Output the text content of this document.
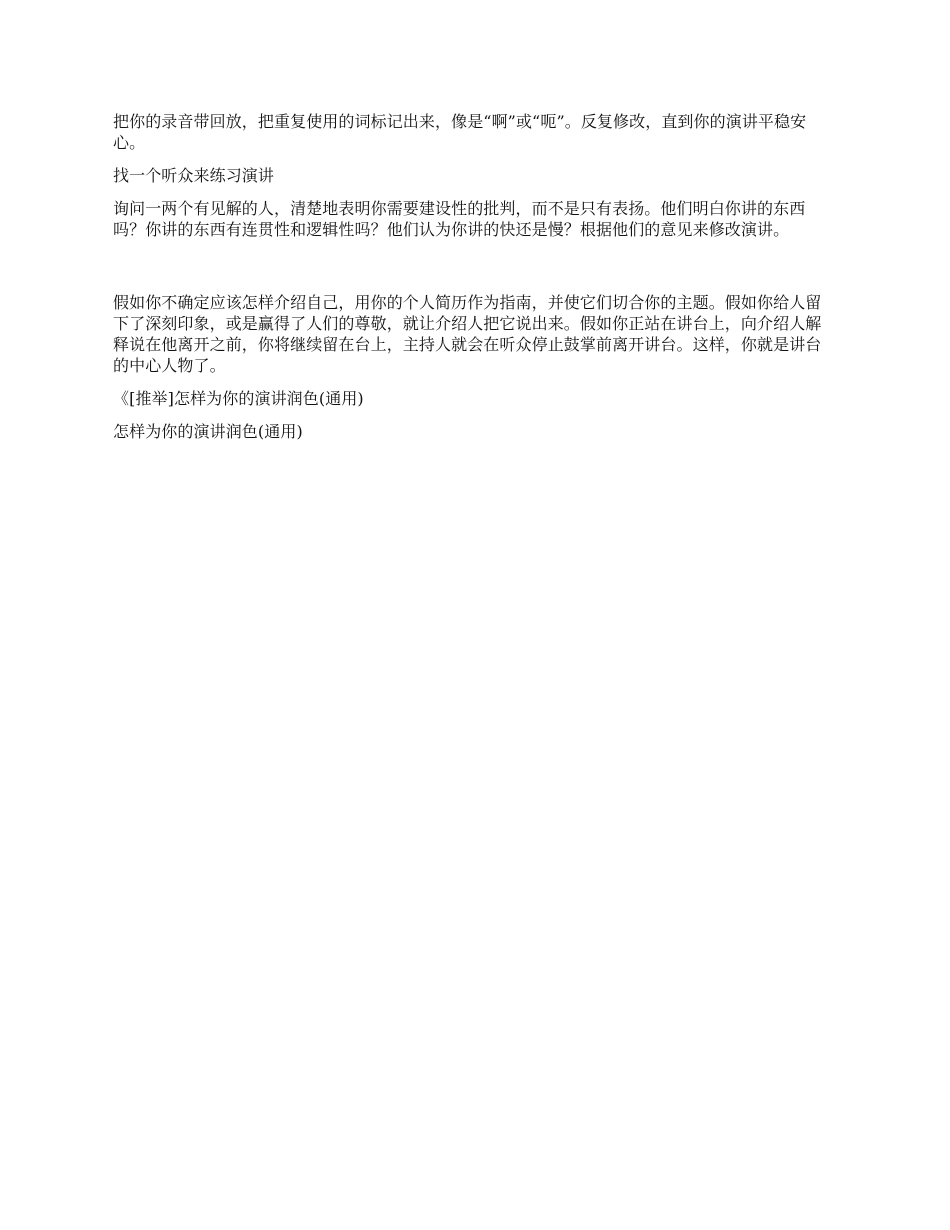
把你的录音带回放，把重复使用的词标记出来，像是“啊”或“呃”。反复修改，直到你的演讲平稳安心。

找一个听众来练习演讲

询问一两个有见解的人，清楚地表明你需要建设性的批判，而不是只有表扬。他们明白你讲的东西吗？你讲的东西有连贯性和逻辑性吗？他们认为你讲的快还是慢？根据他们的意见来修改演讲。

假如你不确定应该怎样介绍自己，用你的个人简历作为指南，并使它们切合你的主题。假如你给人留下了深刻印象，或是赢得了人们的尊敬，就让介绍人把它说出来。假如你正站在讲台上，向介绍人解释说在他离开之前，你将继续留在台上，主持人就会在听众停止鼓掌前离开讲台。这样，你就是讲台的中心人物了。

《[推举]怎样为你的演讲润色(通用)

怎样为你的演讲润色(通用)
